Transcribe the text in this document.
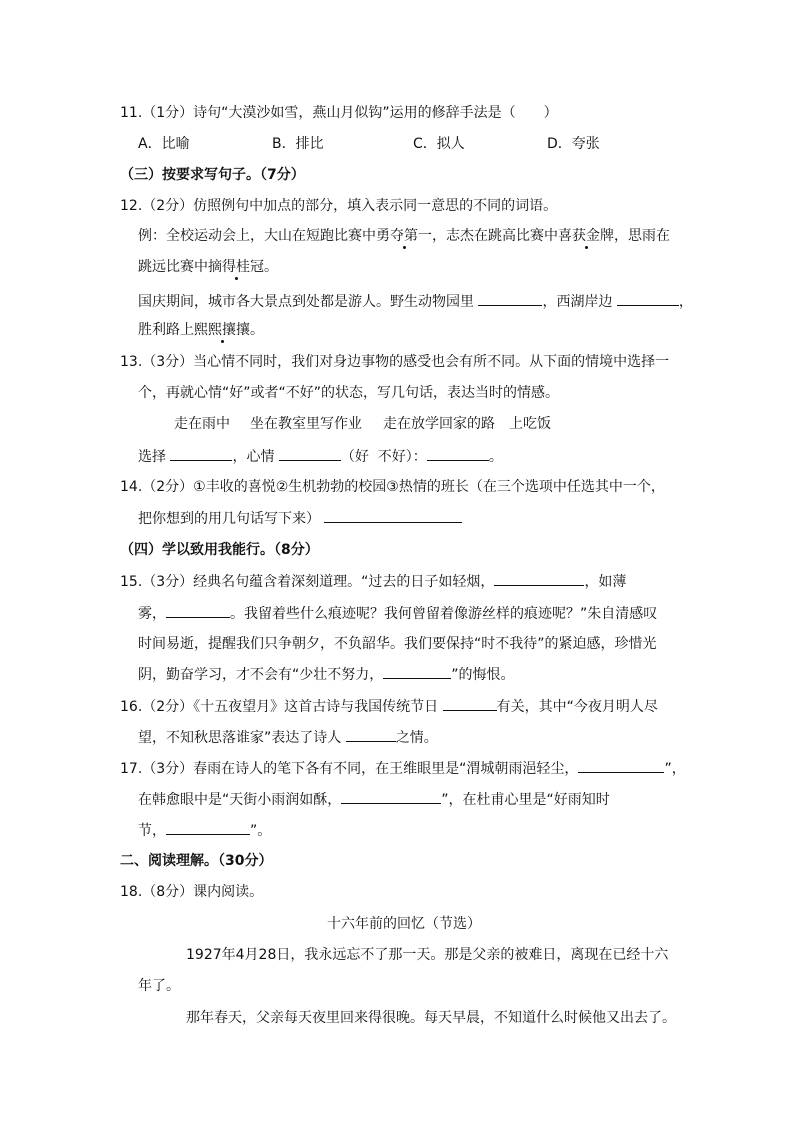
11.（1分）诗句“大漠沙如雪，燕山月似钩”运用的修辞手法是（　　）
A．比喻	B．排比	C．拟人	D．夸张
（三）按要求写句子。（7分）
12.（2分）仿照例句中加点的部分，填入表示同一意思的不同的词语。
例：全校运动会上，大山在短跑比赛中勇夺第一，志杰在跳高比赛中喜获金牌，思雨在
跳远比赛中摘得桂冠。
国庆期间，城市各大景点到处都是游人。野生动物园里	，西湖岸边	，
胜利路上熙熙攘攘。
13.（3分）当心情不同时，我们对身边事物的感受也会有所不同。从下面的情境中选择一
个，再就心情“好”或者“不好”的状态，写几句话，表达当时的情感。
走在雨中 坐在教室里写作业 走在放学回家的路 上吃饭
选择	，心情	（好  不好）：	。
14.（2分）①丰收的喜悦②生机勃勃的校园③热情的班长（在三个选项中任选其中一个，
把你想到的用几句话写下来）
（四）学以致用我能行。（8分）
15.（3分）经典名句蕴含着深刻道理。“过去的日子如轻烟，	，如薄
雾，	。我留着些什么痕迹呢？我何曾留着像游丝样的痕迹呢？”朱自清感叹
时间易逝，提醒我们只争朝夕，不负韶华。我们要保持“时不我待”的紧迫感，珍惜光
阴，勤奋学习，才不会有“少壮不努力，	”的悔恨。
16.（2分）《十五夜望月》这首古诗与我国传统节日	有关，其中“今夜月明人尽
望，不知秋思落谁家”表达了诗人	之情。
17.（3分）春雨在诗人的笔下各有不同，在王维眼里是“渭城朝雨浥轻尘，	”，
在韩愈眼中是“天街小雨润如酥，	”，在杜甫心里是“好雨知时
节，	”。
二、阅读理解。（30分）
18.（8分）课内阅读。
十六年前的回忆（节选）
1927年4月28日，我永远忘不了那一天。那是父亲的被难日，离现在已经十六
年了。
那年春天，父亲每天夜里回来得很晚。每天早晨，不知道什么时候他又出去了。
